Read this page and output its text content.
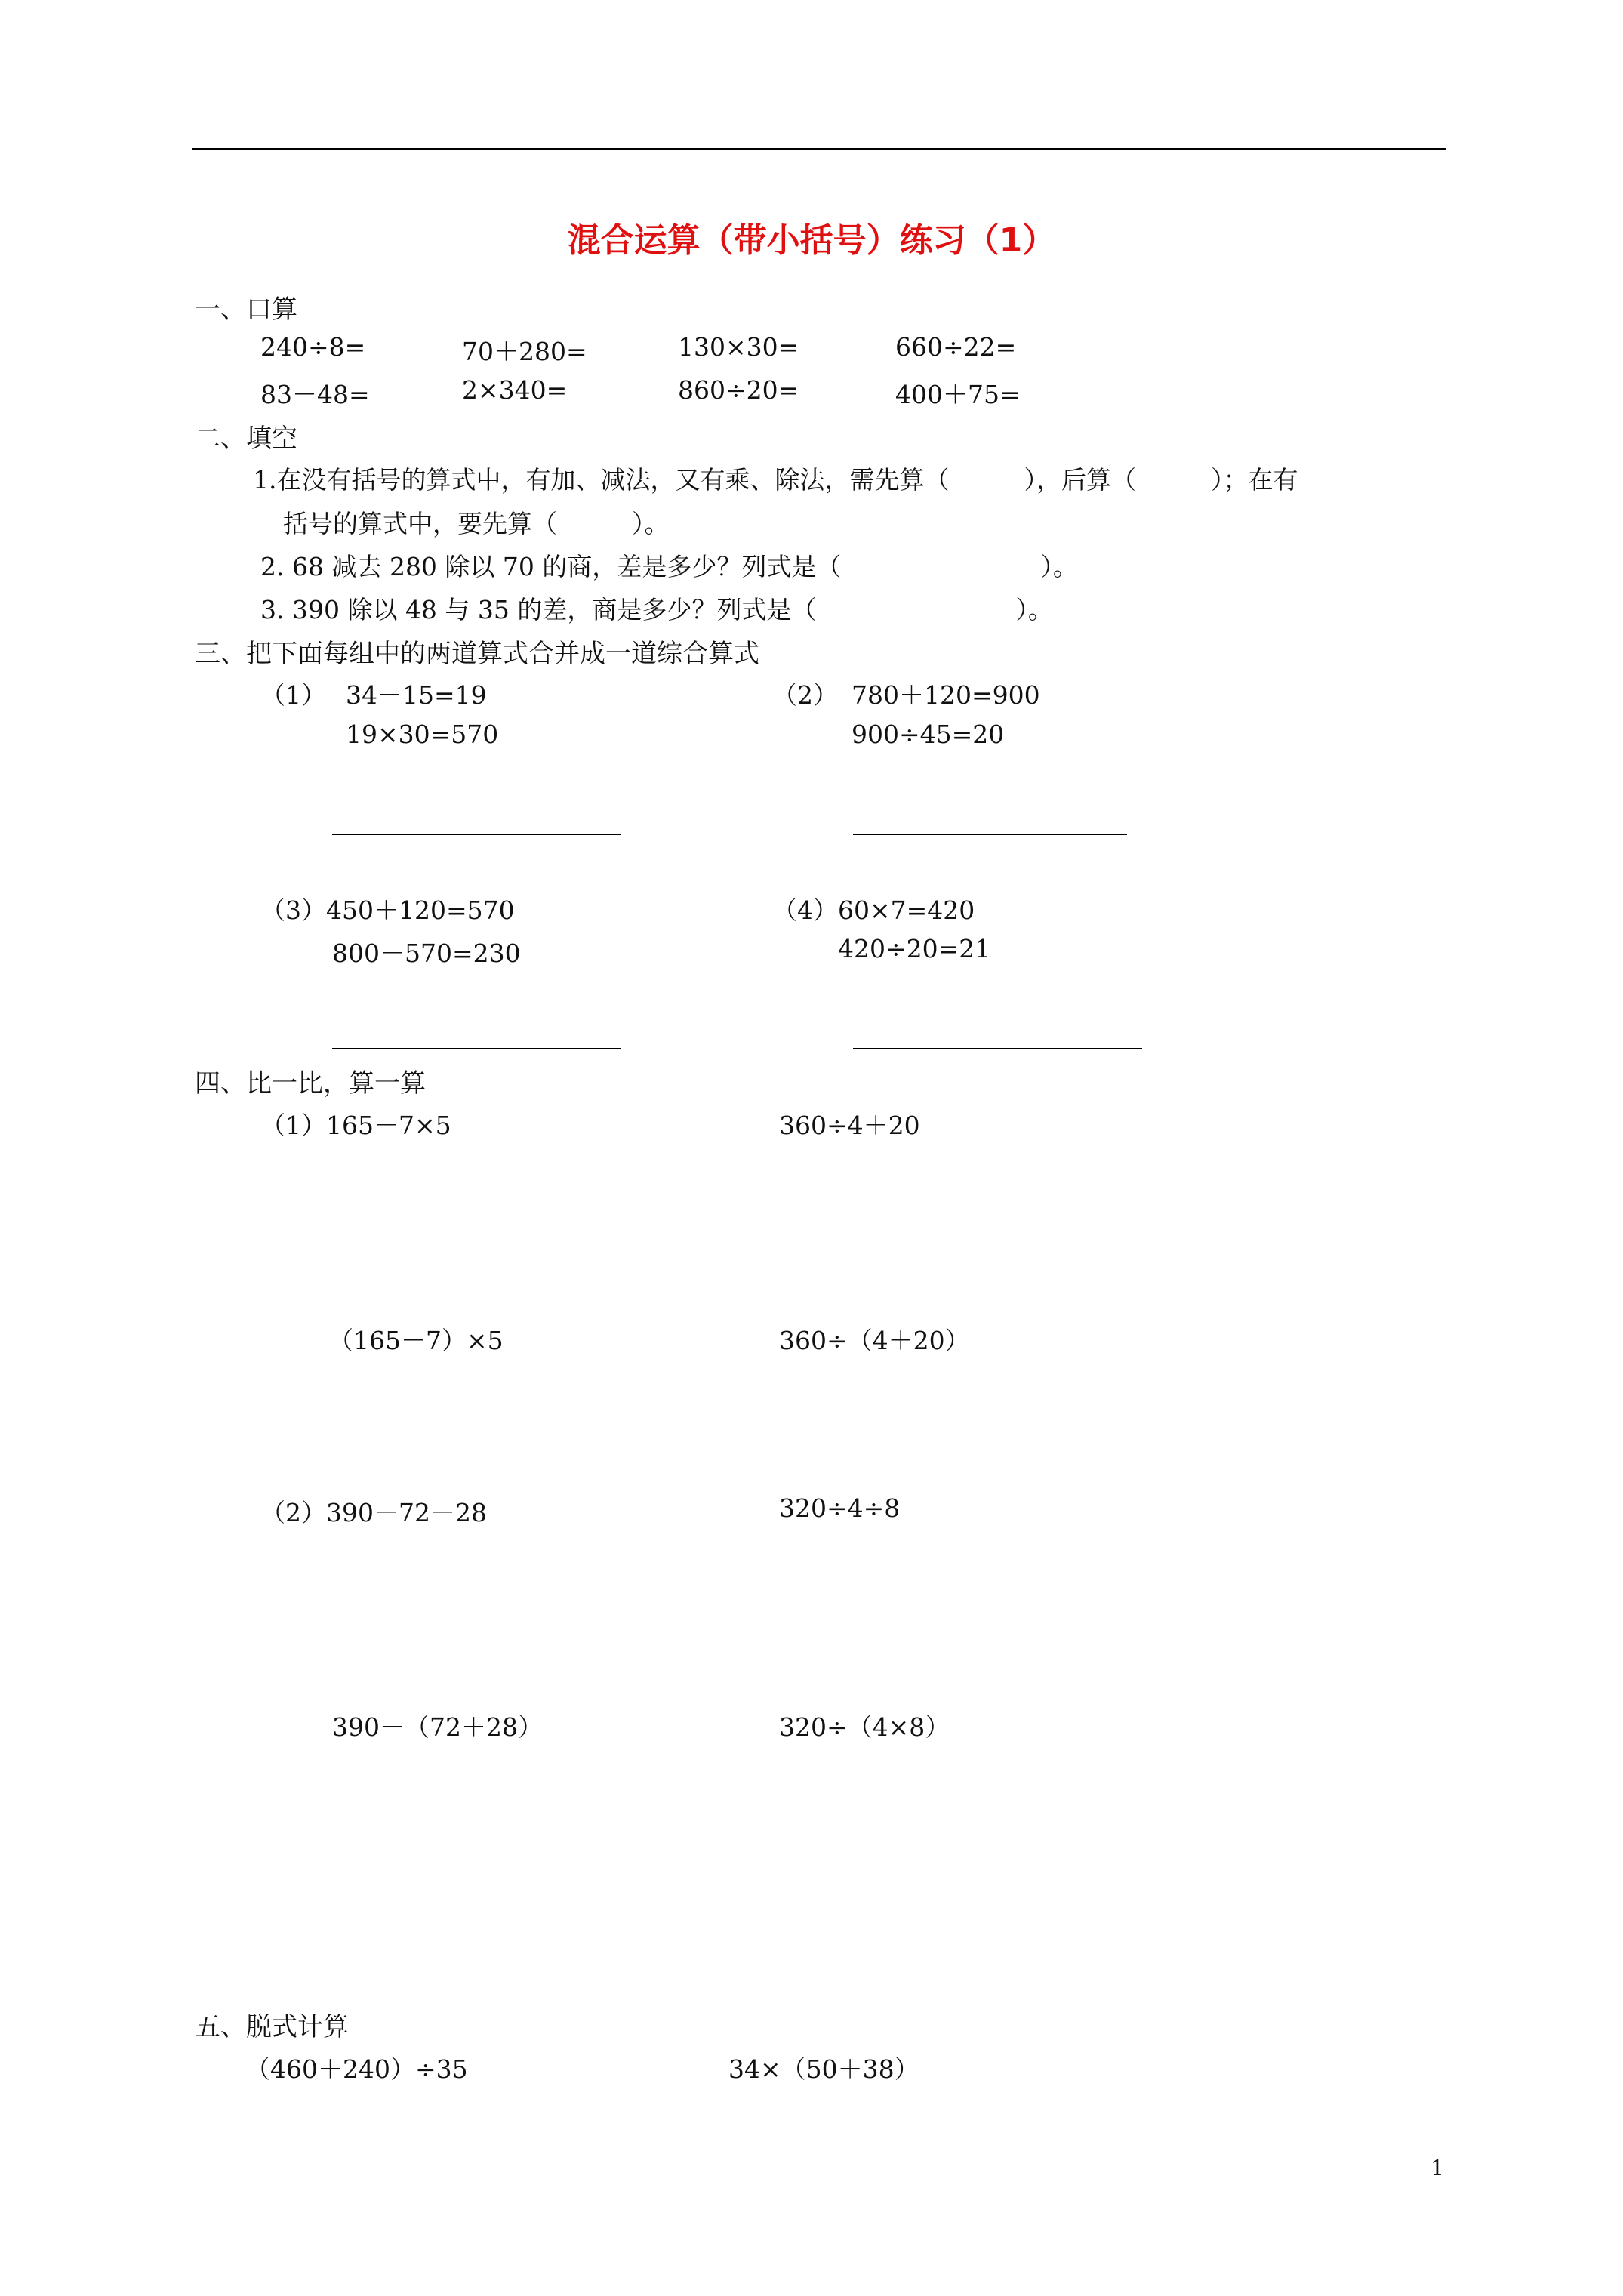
混合运算（带小括号）练习（1）
一、口算
240÷8=	70＋280=	130×30=	660÷22=
83－48=	2×340=	860÷20=	400＋75=
二、填空
1.在没有括号的算式中，有加、减法，又有乘、除法，需先算（　　　），后算（　　　）；在有
括号的算式中，要先算（　　　）。
2. 68 减去 280 除以 70 的商，差是多少？列式是（　　　　　　　　）。
3. 390 除以 48 与 35 的差，商是多少？列式是（　　　　　　　　）。
三、把下面每组中的两道算式合并成一道综合算式
（1） 34－15=19
19×30=570
（2） 780＋120=900
900÷45=20
（3）450＋120=570
800－570=230
（4）60×7=420
420÷20=21
四、比一比，算一算
（1）165－7×5	360÷4＋20
（165－7）×5	360÷（4＋20）
（2）390－72－28	320÷4÷8
390－（72＋28）	320÷（4×8）
五、脱式计算
（460＋240）÷35	34×（50＋38）
1
